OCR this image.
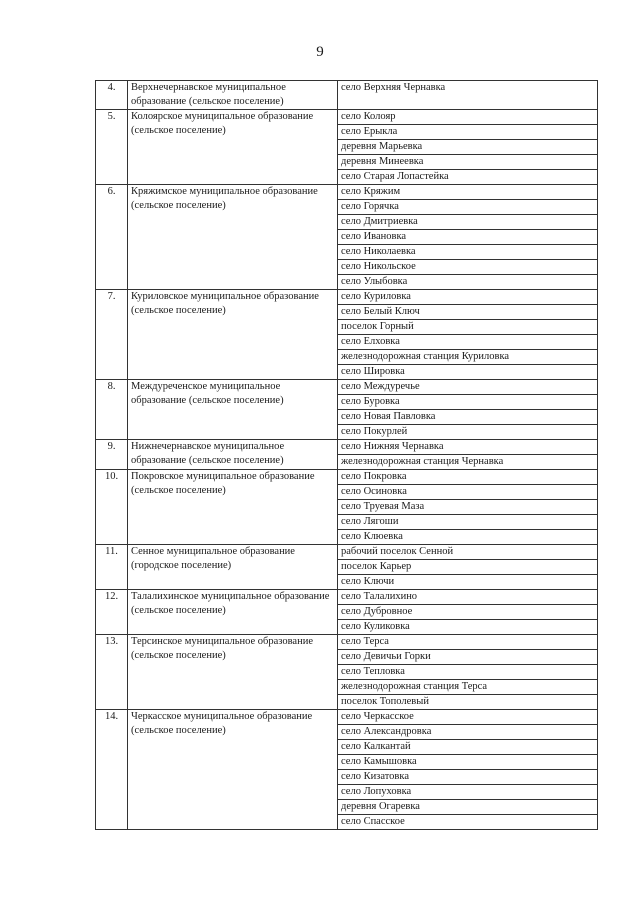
9
4.	Верхнечернавское муниципальное образование (сельское поселение)	село Верхняя Чернавка
5.	Колоярское муниципальное образование (сельское поселение)	село Колояр
		село Ерыкла
		деревня Марьевка
		деревня Минеевка
		село Старая Лопастейка
6.	Кряжимское муниципальное образование (сельское поселение)	село Кряжим
		село Горячка
		село Дмитриевка
		село Ивановка
		село Николаевка
		село Никольское
		село Улыбовка
7.	Куриловское муниципальное образование (сельское поселение)	село Куриловка
		село Белый Ключ
		поселок Горный
		село Елховка
		железнодорожная станция Куриловка
		село Шировка
8.	Междуреченское муниципальное образование (сельское поселение)	село Междуречье
		село Буровка
		село Новая Павловка
		село Покурлей
9.	Нижнечернавское муниципальное образование (сельское поселение)	село Нижняя Чернавка
		железнодорожная станция Чернавка
10.	Покровское муниципальное образование (сельское поселение)	село Покровка
		село Осиновка
		село Труевая Маза
		село Лягоши
		село Клюевка
11.	Сенное муниципальное образование (городское поселение)	рабочий поселок Сенной
		поселок Карьер
		село Ключи
12.	Талалихинское муниципальное образование (сельское поселение)	село Талалихино
		село Дубровное
		село Куликовка
13.	Терсинское муниципальное образование (сельское поселение)	село Терса
		село Девичьи Горки
		село Тепловка
		железнодорожная станция Терса
		поселок Тополевый
14.	Черкасское муниципальное образование (сельское поселение)	село Черкасское
		село Александровка
		село Калкантай
		село Камышовка
		село Кизатовка
		село Лопуховка
		деревня Огаревка
		село Спасское
